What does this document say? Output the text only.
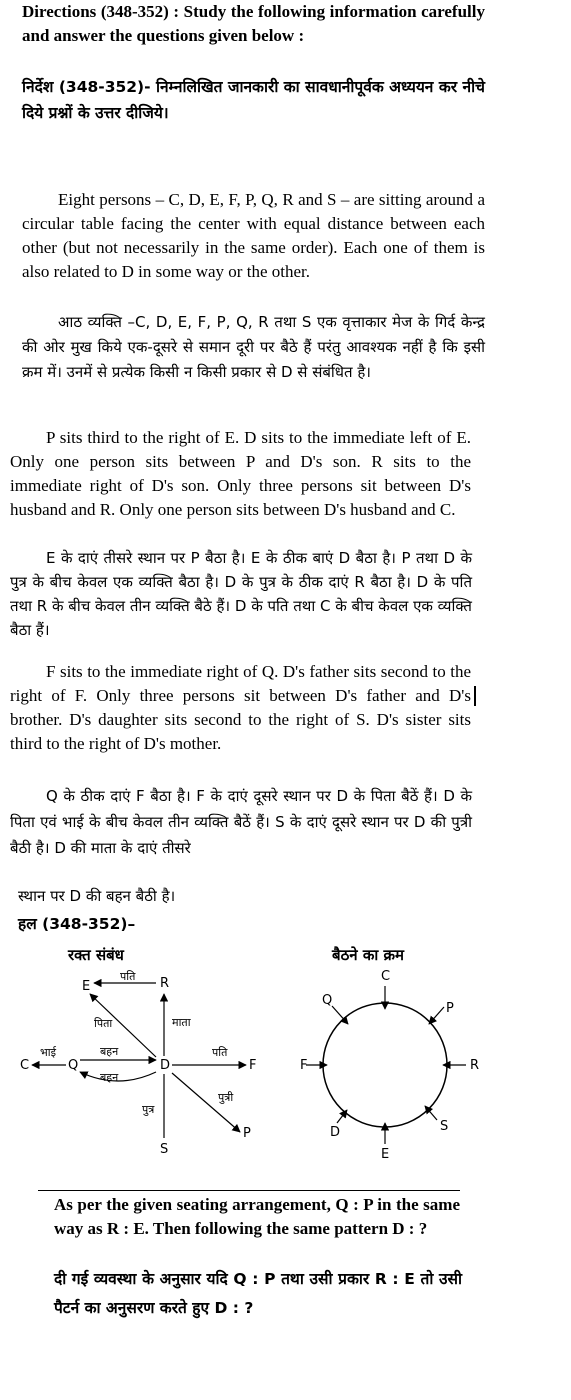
Directions (348-352) : Study the following information carefully and answer the questions given below :
निर्देश (348-352)- निम्नलिखित जानकारी का सावधानीपूर्वक अध्ययन कर नीचे दिये प्रश्नों के उत्तर दीजिये।
Eight persons – C, D, E, F, P, Q, R and S – are sitting around a circular table facing the center with equal distance between each other (but not necessarily in the same order). Each one of them is also related to D in some way or the other.
आठ व्यक्ति –C, D, E, F, P, Q, R तथा S एक वृत्ताकार मेज के गिर्द केन्द्र की ओर मुख किये एक-दूसरे से समान दूरी पर बैठे हैं परंतु आवश्यक नहीं है कि इसी क्रम में। उनमें से प्रत्येक किसी न किसी प्रकार से D से संबंधित है।
P sits third to the right of E. D sits to the immediate left of E. Only one person sits between P and D's son. R sits to the immediate right of D's son. Only three persons sit between D's husband and R. Only one person sits between D's husband and C.
E के दाएं तीसरे स्थान पर P बैठा है। E के ठीक बाएं D बैठा है। P तथा D के पुत्र के बीच केवल एक व्यक्ति बैठा है। D के पुत्र के ठीक दाएं R बैठा है। D के पति तथा R के बीच केवल तीन व्यक्ति बैठे हैं। D के पति तथा C के बीच केवल एक व्यक्ति बैठा हैं।
F sits to the immediate right of Q. D's father sits second to the right of F. Only three persons sit between D's father and D's brother. D's daughter sits second to the right of S. D's sister sits third to the right of D's mother.
Q के ठीक दाएं F बैठा है। F के दाएं दूसरे स्थान पर D के पिता बैठें हैं। D के पिता एवं भाई के बीच केवल तीन व्यक्ति बैठें हैं। S के दाएं दूसरे स्थान पर D की पुत्री बैठी है। D की माता के दाएं तीसरे
स्थान पर D की बहन बैठी है।
हल (348-352)–
रक्त संबंध
E	R
C	Q	D	F
P
S
पति
पिता	माता
भाई	बहन
बहन
पति
पुत्र
पुत्री
बैठने का क्रम
C
P
R
S
E
D
F
Q
As per the given seating arrangement, Q : P in the same way as R : E. Then following the same pattern D : ?
दी गई व्यवस्था के अनुसार यदि Q : P तथा उसी प्रकार R : E तो उसी पैटर्न का अनुसरण करते हुए D : ?
